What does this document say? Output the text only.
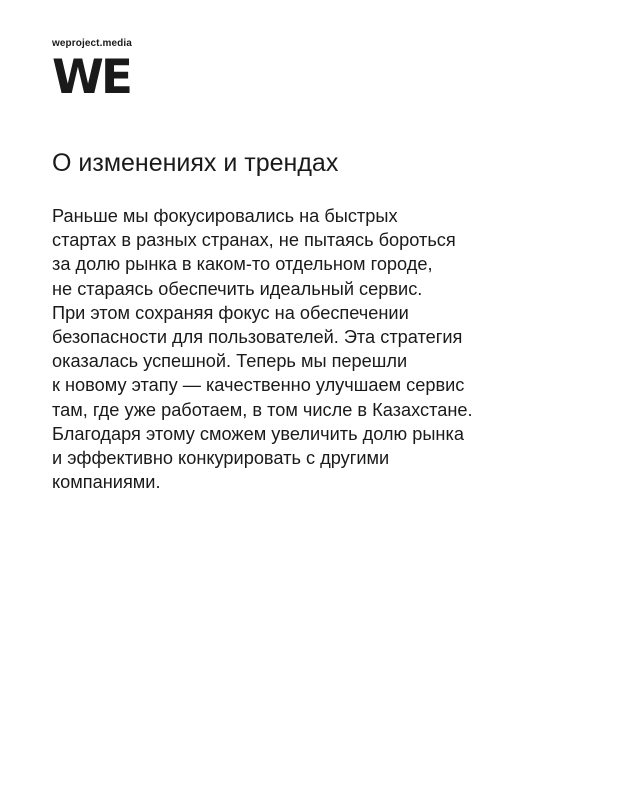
weproject.media
WE
О изменениях и трендах

Раньше мы фокусировались на быстрых
стартах в разных странах, не пытаясь бороться
за долю рынка в каком-то отдельном городе,
не стараясь обеспечить идеальный сервис.
При этом сохраняя фокус на обеспечении
безопасности для пользователей. Эта стратегия
оказалась успешной. Теперь мы перешли
к новому этапу — качественно улучшаем сервис
там, где уже работаем, в том числе в Казахстане.
Благодаря этому сможем увеличить долю рынка
и эффективно конкурировать с другими
компаниями.
